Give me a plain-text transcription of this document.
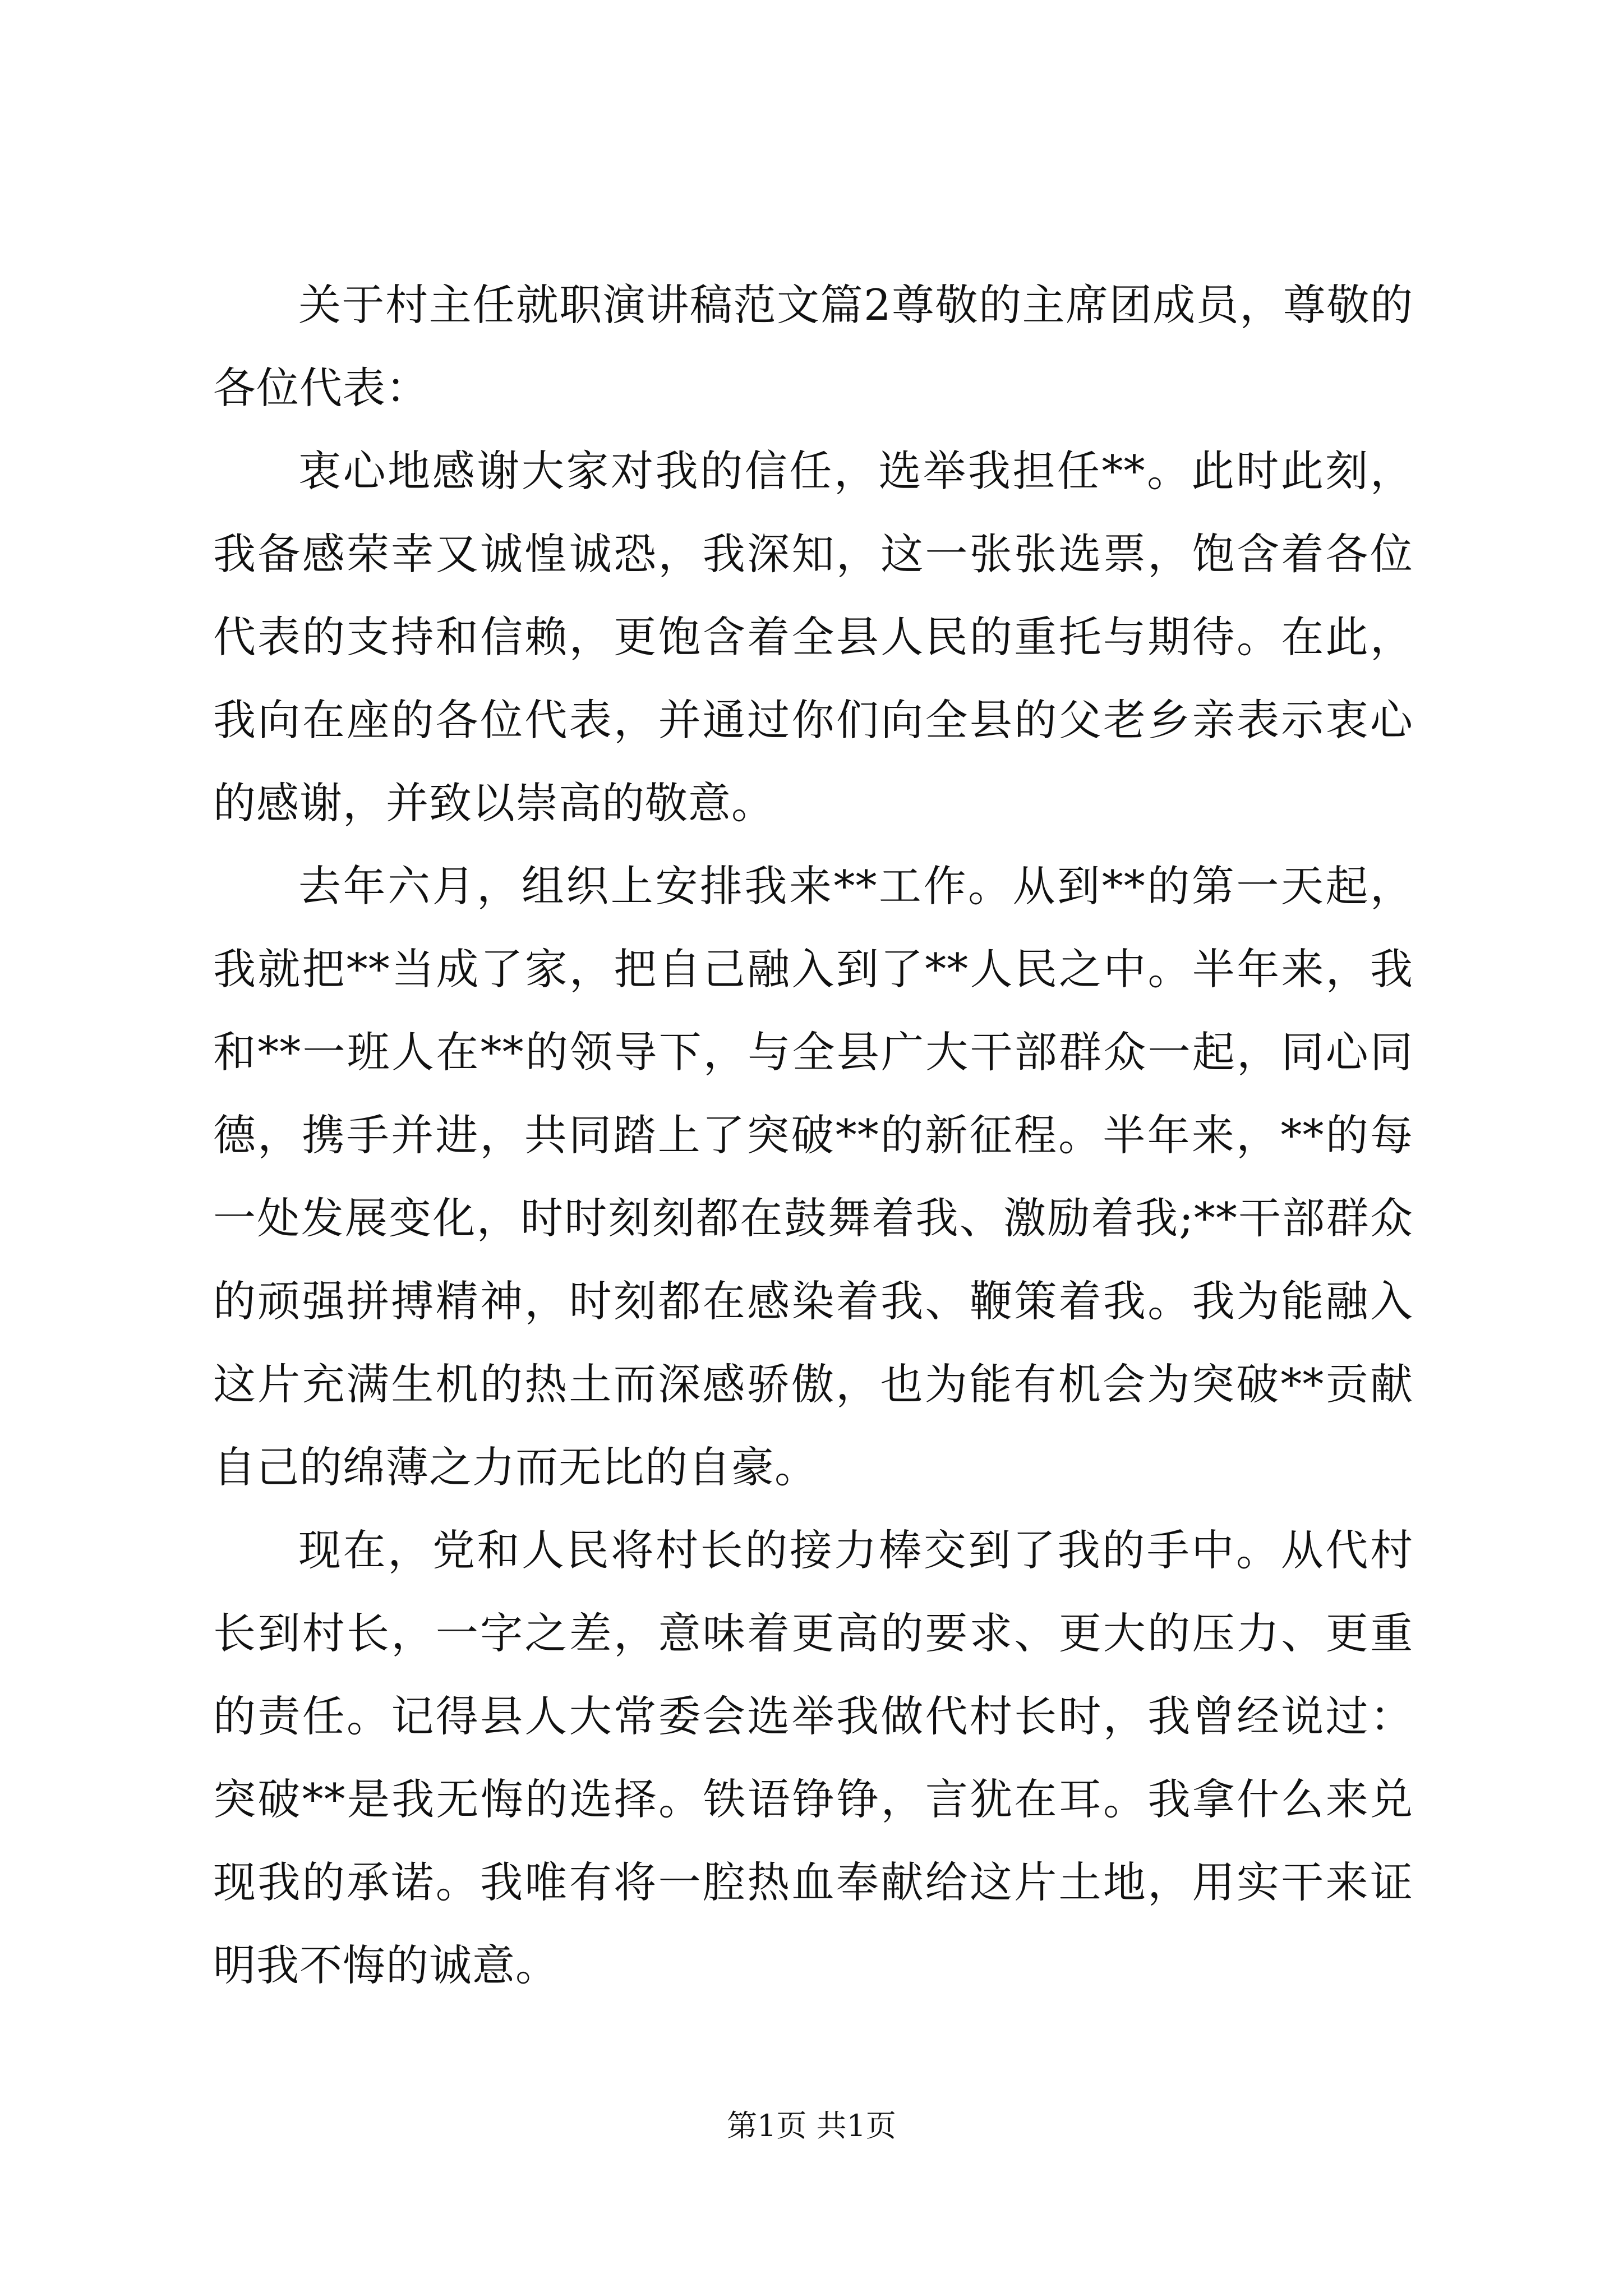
关于村主任就职演讲稿范文篇2尊敬的主席团成员，尊敬的各位代表：

衷心地感谢大家对我的信任，选举我担任**。此时此刻，我备感荣幸又诚惶诚恐，我深知，这一张张选票，饱含着各位代表的支持和信赖，更饱含着全县人民的重托与期待。在此，我向在座的各位代表，并通过你们向全县的父老乡亲表示衷心的感谢，并致以崇高的敬意。

去年六月，组织上安排我来**工作。从到**的第一天起，我就把**当成了家，把自己融入到了**人民之中。半年来，我和**一班人在**的领导下，与全县广大干部群众一起，同心同德，携手并进，共同踏上了突破**的新征程。半年来，**的每一处发展变化，时时刻刻都在鼓舞着我、激励着我;**干部群众的顽强拼搏精神，时刻都在感染着我、鞭策着我。我为能融入这片充满生机的热土而深感骄傲，也为能有机会为突破**贡献自己的绵薄之力而无比的自豪。

现在，党和人民将村长的接力棒交到了我的手中。从代村长到村长，一字之差，意味着更高的要求、更大的压力、更重的责任。记得县人大常委会选举我做代村长时，我曾经说过：突破**是我无悔的选择。铁语铮铮，言犹在耳。我拿什么来兑现我的承诺。我唯有将一腔热血奉献给这片土地，用实干来证明我不悔的诚意。

第1页 共1页
